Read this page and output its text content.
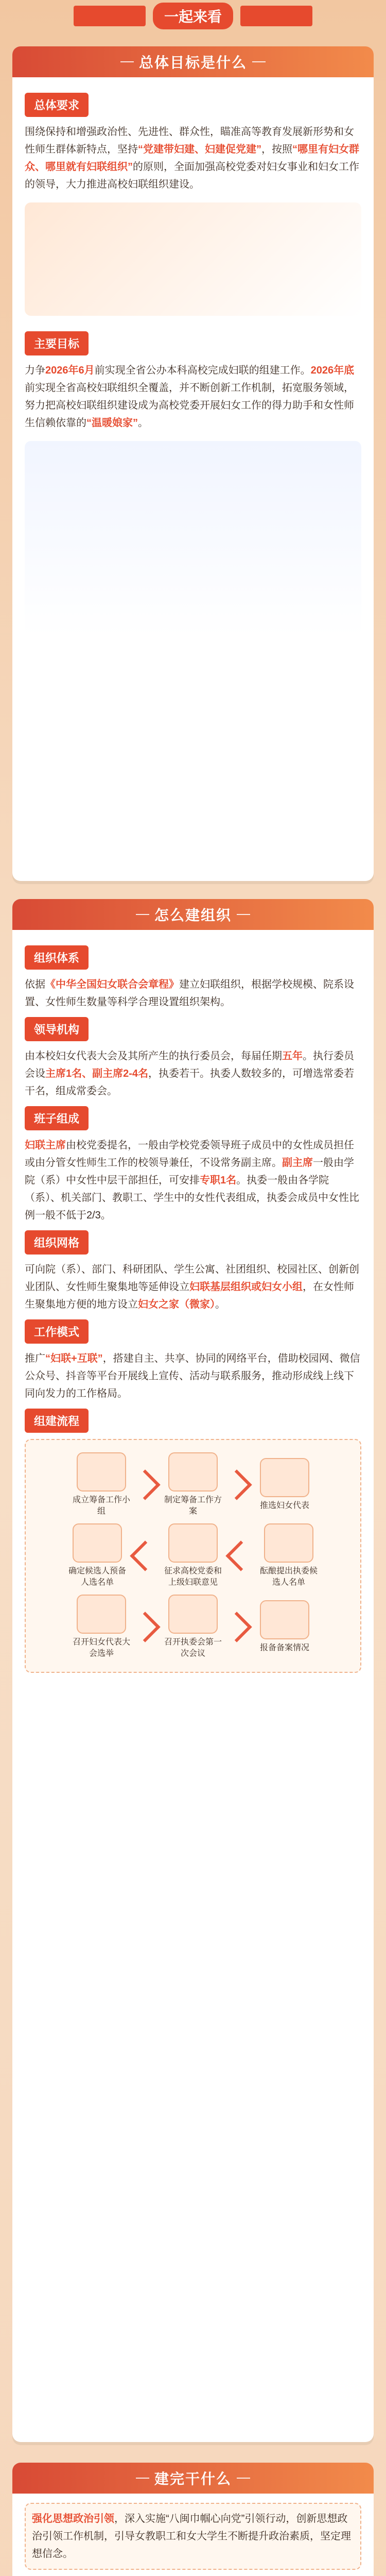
一起来看
总体目标是什么
总体要求
围绕保持和增强政治性、先进性、群众性，瞄准高等教育发展新形势和女性师生群体新特点，坚持“党建带妇建、妇建促党建”，按照“哪里有妇女群众、哪里就有妇联组织”的原则，全面加强高校党委对妇女事业和妇女工作的领导，大力推进高校妇联组织建设。
主要目标
力争2026年6月前实现全省公办本科高校完成妇联的组建工作。2026年底前实现全省高校妇联组织全覆盖，并不断创新工作机制，拓宽服务领域，努力把高校妇联组织建设成为高校党委开展妇女工作的得力助手和女性师生信赖依靠的“温暖娘家”。
怎么建组织
组织体系
依据《中华全国妇女联合会章程》建立妇联组织，根据学校规模、院系设置、女性师生数量等科学合理设置组织架构。
领导机构
由本校妇女代表大会及其所产生的执行委员会，每届任期五年。执行委员会设主席1名、副主席2-4名，执委若干。执委人数较多的，可增选常委若干名，组成常委会。
班子组成
妇联主席由校党委提名，一般由学校党委领导班子成员中的女性成员担任或由分管女性师生工作的校领导兼任，不设常务副主席。副主席一般由学院（系）中女性中层干部担任，可安排专职1名。执委一般由各学院（系）、机关部门、教职工、学生中的女性代表组成，执委会成员中女性比例一般不低于2/3。
组织网格
可向院（系）、部门、科研团队、学生公寓、社团组织、校园社区、创新创业团队、女性师生聚集地等延伸设立妇联基层组织或妇女小组，在女性师生聚集地方便的地方设立妇女之家（微家）。
工作模式
推广“妇联+互联”，搭建自主、共享、协同的网络平台，借助校园网、微信公众号、抖音等平台开展线上宣传、活动与联系服务，推动形成线上线下同向发力的工作格局。
组建流程
成立筹备工作小组
制定筹备工作方案
推选妇女代表
确定候选人预备人选名单
征求高校党委和上级妇联意见
酝酿提出执委候选人名单
召开妇女代表大会选举
召开执委会第一次会议
报备备案情况
建完干什么
强化思想政治引领，深入实施“八闽巾帼心向党”引领行动，创新思想政治引领工作机制，引导女教职工和女大学生不断提升政治素质，坚定理想信念。
